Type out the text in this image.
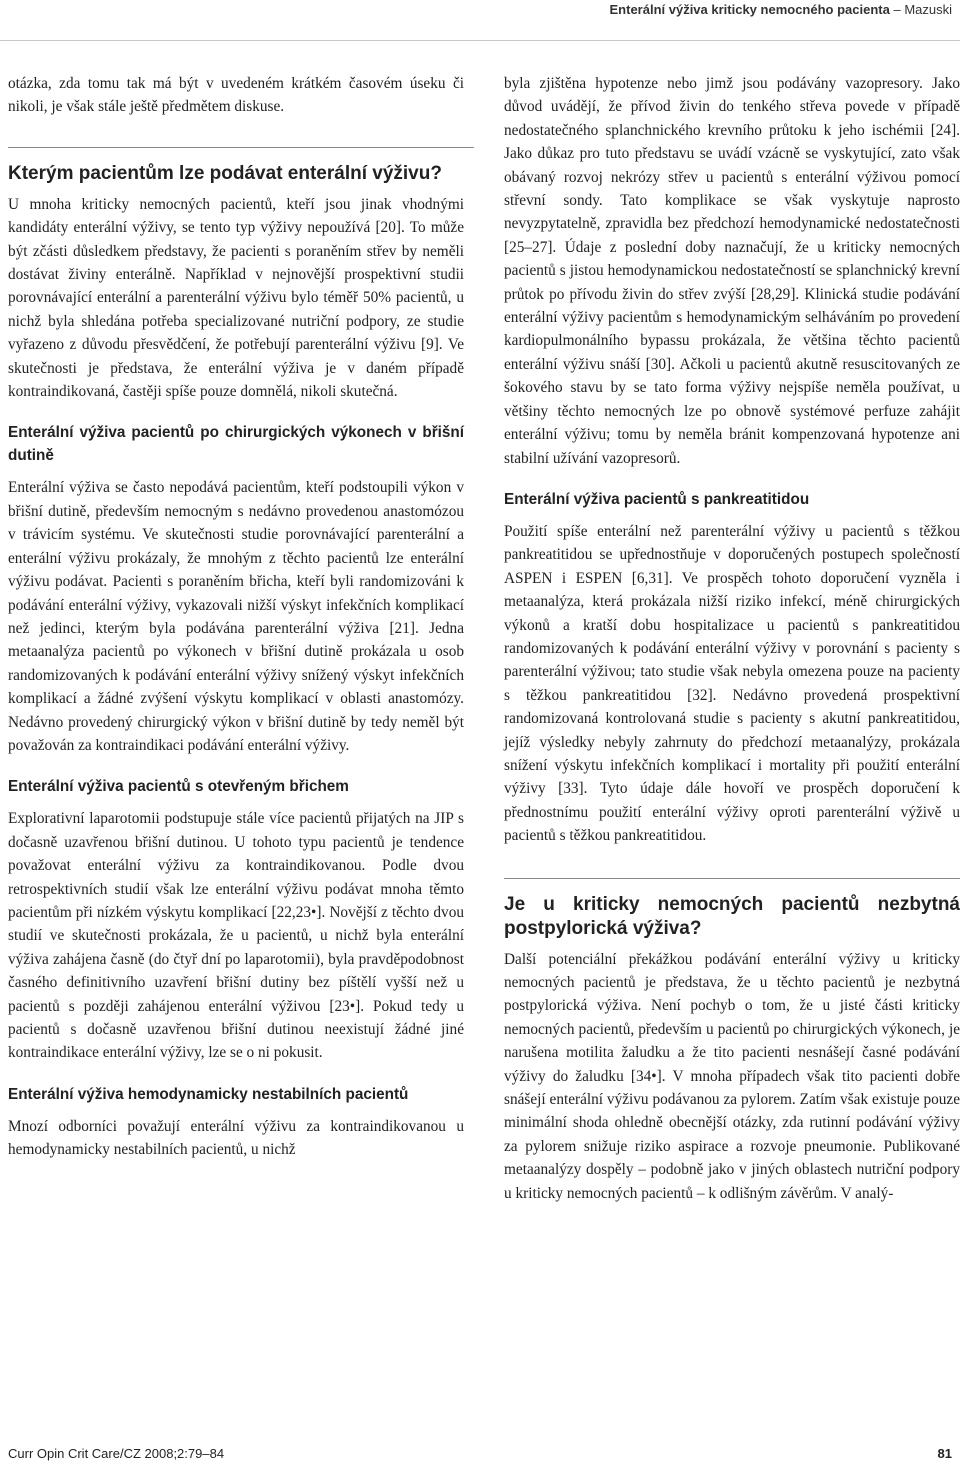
Enterální výživa kriticky nemocného pacienta – Mazuski

otázka, zda tomu tak má být v uvedeném krátkém časovém úseku či nikoli, je však stále ještě předmětem diskuse.

Kterým pacientům lze podávat enterální výživu?

U mnoha kriticky nemocných pacientů, kteří jsou jinak vhodnými kandidáty enterální výživy, se tento typ výživy nepoužívá [20]. To může být zčásti důsledkem představy, že pacienti s poraněním střev by neměli dostávat živiny enterálně. Například v nejnovější prospektivní studii porovnávající enterální a parenterální výživu bylo téměř 50% pacientů, u nichž byla shledána potřeba specializované nutriční podpory, ze studie vyřazeno z důvodu přesvědčení, že potřebují parenterální výživu [9]. Ve skutečnosti je představa, že enterální výživa je v daném případě kontraindikovaná, častěji spíše pouze domnělá, nikoli skutečná.

Enterální výživa pacientů po chirurgických výkonech v břišní dutině

Enterální výživa se často nepodává pacientům, kteří podstoupili výkon v břišní dutině, především nemocným s nedávno provedenou anastomózou v trávicím systému. Ve skutečnosti studie porovnávající parenterální a enterální výživu prokázaly, že mnohým z těchto pacientů lze enterální výživu podávat. Pacienti s poraněním břicha, kteří byli randomizováni k podávání enterální výživy, vykazovali nižší výskyt infekčních komplikací než jedinci, kterým byla podávána parenterální výživa [21]. Jedna metaanalýza pacientů po výkonech v břišní dutině prokázala u osob randomizovaných k podávání enterální výživy snížený výskyt infekčních komplikací a žádné zvýšení výskytu komplikací v oblasti anastomózy. Nedávno provedený chirurgický výkon v břišní dutině by tedy neměl být považován za kontraindikaci podávání enterální výživy.

Enterální výživa pacientů s otevřeným břichem

Explorativní laparotomii podstupuje stále více pacientů přijatých na JIP s dočasně uzavřenou břišní dutinou. U tohoto typu pacientů je tendence považovat enterální výživu za kontraindikovanou. Podle dvou retrospektivních studií však lze enterální výživu podávat mnoha těmto pacientům při nízkém výskytu komplikací [22,23•]. Novější z těchto dvou studií ve skutečnosti prokázala, že u pacientů, u nichž byla enterální výživa zahájena časně (do čtyř dní po laparotomii), byla pravděpodobnost časného definitivního uzavření břišní dutiny bez píštělí vyšší než u pacientů s později zahájenou enterální výživou [23•]. Pokud tedy u pacientů s dočasně uzavřenou břišní dutinou neexistují žádné jiné kontraindikace enterální výživy, lze se o ni pokusit.

Enterální výživa hemodynamicky nestabilních pacientů

Mnozí odborníci považují enterální výživu za kontraindikovanou u hemodynamicky nestabilních pacientů, u nichž

byla zjištěna hypotenze nebo jimž jsou podávány vazopresory. Jako důvod uvádějí, že přívod živin do tenkého střeva povede v případě nedostatečného splanchnického krevního průtoku k jeho ischémii [24]. Jako důkaz pro tuto představu se uvádí vzácně se vyskytující, zato však obávaný rozvoj nekrózy střev u pacientů s enterální výživou pomocí střevní sondy. Tato komplikace se však vyskytuje naprosto nevyzpytatelně, zpravidla bez předchozí hemodynamické nedostatečnosti [25–27]. Údaje z poslední doby naznačují, že u kriticky nemocných pacientů s jistou hemodynamickou nedostatečností se splanchnický krevní průtok po přívodu živin do střev zvýší [28,29]. Klinická studie podávání enterální výživy pacientům s hemodynamickým selháváním po provedení kardiopulmonálního bypassu prokázala, že většina těchto pacientů enterální výživu snáší [30]. Ačkoli u pacientů akutně resuscitovaných ze šokového stavu by se tato forma výživy nejspíše neměla používat, u většiny těchto nemocných lze po obnově systémové perfuze zahájit enterální výživu; tomu by neměla bránit kompenzovaná hypotenze ani stabilní užívání vazopresorů.

Enterální výživa pacientů s pankreatitidou

Použití spíše enterální než parenterální výživy u pacientů s těžkou pankreatitidou se upřednostňuje v doporučených postupech společností ASPEN i ESPEN [6,31]. Ve prospěch tohoto doporučení vyzněla i metaanalýza, která prokázala nižší riziko infekcí, méně chirurgických výkonů a kratší dobu hospitalizace u pacientů s pankreatitidou randomizovaných k podávání enterální výživy v porovnání s pacienty s parenterální výživou; tato studie však nebyla omezena pouze na pacienty s těžkou pankreatitidou [32]. Nedávno provedená prospektivní randomizovaná kontrolovaná studie s pacienty s akutní pankreatitidou, jejíž výsledky nebyly zahrnuty do předchozí metaanalýzy, prokázala snížení výskytu infekčních komplikací i mortality při použití enterální výživy [33]. Tyto údaje dále hovoří ve prospěch doporučení k přednostnímu použití enterální výživy oproti parenterální výživě u pacientů s těžkou pankreatitidou.

Je u kriticky nemocných pacientů nezbytná postpylorická výživa?

Další potenciální překážkou podávání enterální výživy u kriticky nemocných pacientů je představa, že u těchto pacientů je nezbytná postpylorická výživa. Není pochyb o tom, že u jisté části kriticky nemocných pacientů, především u pacientů po chirurgických výkonech, je narušena motilita žaludku a že tito pacienti nesnášejí časné podávání výživy do žaludku [34•]. V mnoha případech však tito pacienti dobře snášejí enterální výživu podávanou za pylorem. Zatím však existuje pouze minimální shoda ohledně obecnější otázky, zda rutinní podávání výživy za pylorem snižuje riziko aspirace a rozvoje pneumonie. Publikované metaanalýzy dospěly – podobně jako v jiných oblastech nutriční podpory u kriticky nemocných pacientů – k odlišným závěrům. V analý-

Curr Opin Crit Care/CZ 2008;2:79–84	81
